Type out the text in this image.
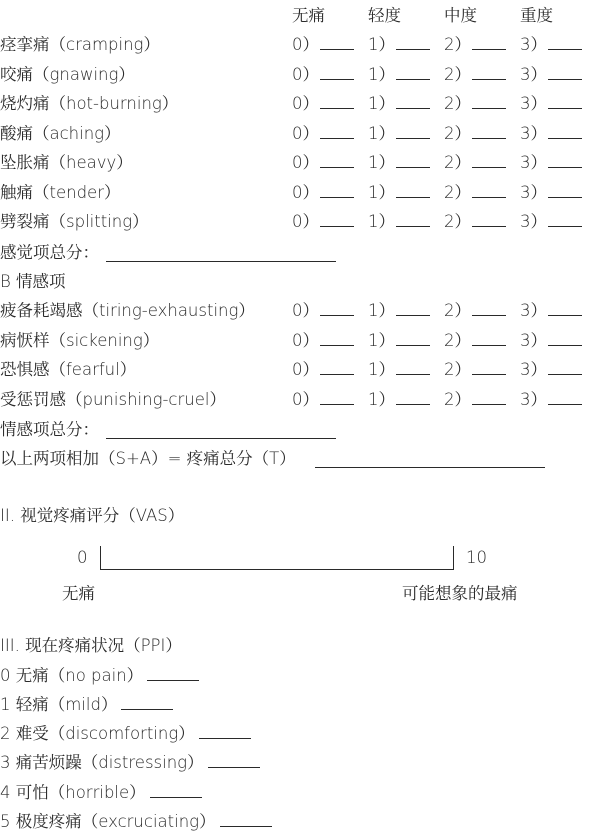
无痛	轻度	中度	重度
痉挛痛（cramping）	0）	1）	2）	3）
咬痛（gnawing）	0）	1）	2）	3）
烧灼痛（hot-burning）	0）	1）	2）	3）
酸痛（aching）	0）	1）	2）	3）
坠胀痛（heavy）	0）	1）	2）	3）
触痛（tender）	0）	1）	2）	3）
劈裂痛（splitting）	0）	1）	2）	3）
疲备耗竭感（tiring-exhausting） 0）	1）	2）	3）
病恹样（sickening）	0）	1）	2）	3）
恐惧感（fearful）	0）	1）	2）	3）
受惩罚感（punishing-cruel）	0）	1）	2）	3）
感觉项总分：
B 情感项
情感项总分：
以上两项相加（S+A）= 疼痛总分（T）
II. 视觉疼痛评分（VAS）
0	10
无痛	可能想象的最痛
III. 现在疼痛状况（PPI）
0 无痛（no pain）
1 轻痛（mild）
2 难受（discomforting）
3 痛苦烦躁（distressing）
4 可怕（horrible）
5 极度疼痛（excruciating）
